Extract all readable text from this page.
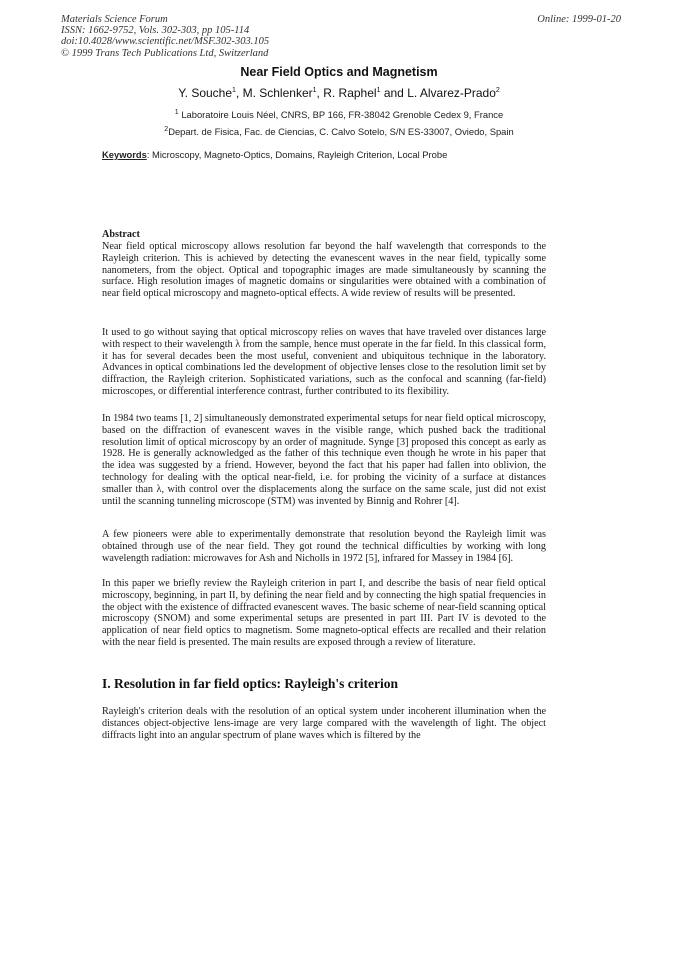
Materials Science Forum
ISSN: 1662-9752, Vols. 302-303, pp 105-114
doi:10.4028/www.scientific.net/MSF.302-303.105
© 1999 Trans Tech Publications Ltd, Switzerland
Online: 1999-01-20
Near Field Optics and Magnetism
Y. Souche$^1$, M. Schlenker$^1$, R. Raphel$^1$ and L. Alvarez-Prado$^2$
$^1$ Laboratoire Louis Néel, CNRS, BP 166, FR-38042 Grenoble Cedex 9, France
$^2$Depart. de Fisica, Fac. de Ciencias, C. Calvo Sotelo, S/N ES-33007, Oviedo, Spain
Keywords: Microscopy, Magneto-Optics, Domains, Rayleigh Criterion, Local Probe
Abstract

Near field optical microscopy allows resolution far beyond the half wavelength that corresponds to the Rayleigh criterion. This is achieved by detecting the evanescent waves in the near field, typically some nanometers, from the object. Optical and topographic images are made simultaneously by scanning the surface. High resolution images of magnetic domains or singularities were obtained with a combination of near field optical microscopy and magneto-optical effects. A wide review of results will be presented.

It used to go without saying that optical microscopy relies on waves that have traveled over distances large with respect to their wavelength λ from the sample, hence must operate in the far field. In this classical form, it has for several decades been the most useful, convenient and ubiquitous technique in the laboratory. Advances in optical combinations led the development of objective lenses close to the resolution limit set by diffraction, the Rayleigh criterion. Sophisticated variations, such as the confocal and scanning (far-field) microscopes, or differential interference contrast, further contributed to its flexibility.

In 1984 two teams [1, 2] simultaneously demonstrated experimental setups for near field optical microscopy, based on the diffraction of evanescent waves in the visible range, which pushed back the traditional resolution limit of optical microscopy by an order of magnitude. Synge [3] proposed this concept as early as 1928. He is generally acknowledged as the father of this technique even though he wrote in his paper that the idea was suggested by a friend. However, beyond the fact that his paper had fallen into oblivion, the technology for dealing with the optical near-field, i.e. for probing the vicinity of a surface at distances smaller than λ, with control over the displacements along the surface on the same scale, just did not exist until the scanning tunneling microscope (STM) was invented by Binnig and Rohrer [4].

A few pioneers were able to experimentally demonstrate that resolution beyond the Rayleigh limit was obtained through use of the near field. They got round the technical difficulties by working with long wavelength radiation: microwaves for Ash and Nicholls in 1972 [5], infrared for Massey in 1984 [6].

In this paper we briefly review the Rayleigh criterion in part I, and describe the basis of near field optical microscopy, beginning, in part II, by defining the near field and by connecting the high spatial frequencies in the object with the existence of diffracted evanescent waves. The basic scheme of near-field scanning optical microscopy (SNOM) and some experimental setups are presented in part III. Part IV is devoted to the application of near field optics to magnetism. Some magneto-optical effects are recalled and their relation with the near field is presented. The main results are exposed through a review of literature.

I. Resolution in far field optics: Rayleigh's criterion

Rayleigh's criterion deals with the resolution of an optical system under incoherent illumination when the distances object-objective lens-image are very large compared with the wavelength of light. The object diffracts light into an angular spectrum of plane waves which is filtered by the
